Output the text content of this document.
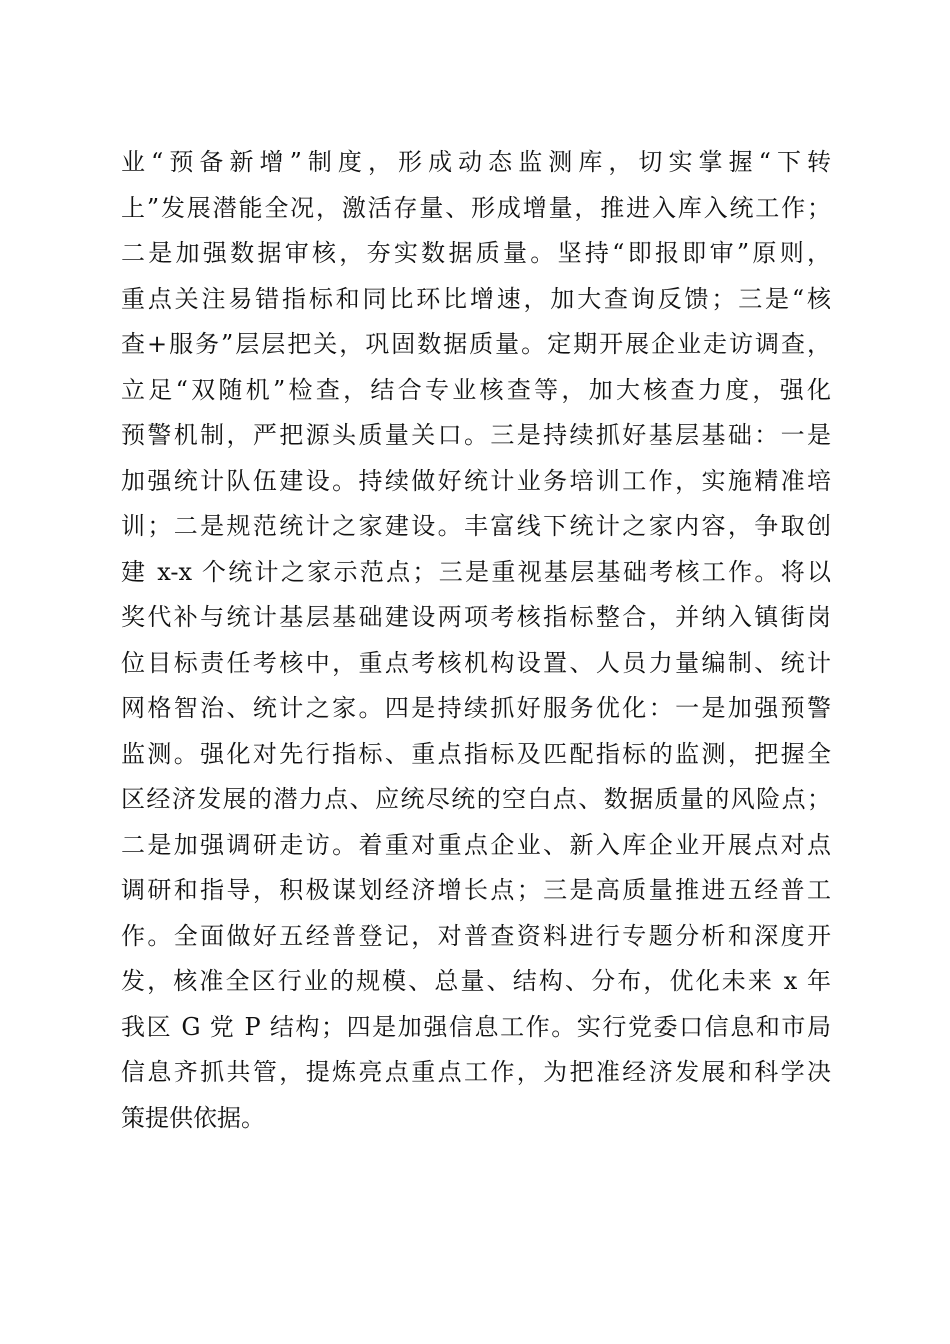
业“预备新增”制度，形成动态监测库，切实掌握“下转
上”发展潜能全况，激活存量、形成增量，推进入库入统工作；
二是加强数据审核，夯实数据质量。坚持“即报即审”原则，
重点关注易错指标和同比环比增速，加大查询反馈；三是“核
查+服务”层层把关，巩固数据质量。定期开展企业走访调查，
立足“双随机”检查，结合专业核查等，加大核查力度，强化
预警机制，严把源头质量关口。三是持续抓好基层基础：一是
加强统计队伍建设。持续做好统计业务培训工作，实施精准培
训；二是规范统计之家建设。丰富线下统计之家内容，争取创
建 x-x 个统计之家示范点；三是重视基层基础考核工作。将以
奖代补与统计基层基础建设两项考核指标整合，并纳入镇街岗
位目标责任考核中，重点考核机构设置、人员力量编制、统计
网格智治、统计之家。四是持续抓好服务优化：一是加强预警
监测。强化对先行指标、重点指标及匹配指标的监测，把握全
区经济发展的潜力点、应统尽统的空白点、数据质量的风险点；
二是加强调研走访。着重对重点企业、新入库企业开展点对点
调研和指导，积极谋划经济增长点；三是高质量推进五经普工
作。全面做好五经普登记，对普查资料进行专题分析和深度开
发，核准全区行业的规模、总量、结构、分布，优化未来 x 年
我区 G 党 P 结构；四是加强信息工作。实行党委口信息和市局
信息齐抓共管，提炼亮点重点工作，为把准经济发展和科学决
策提供依据。
